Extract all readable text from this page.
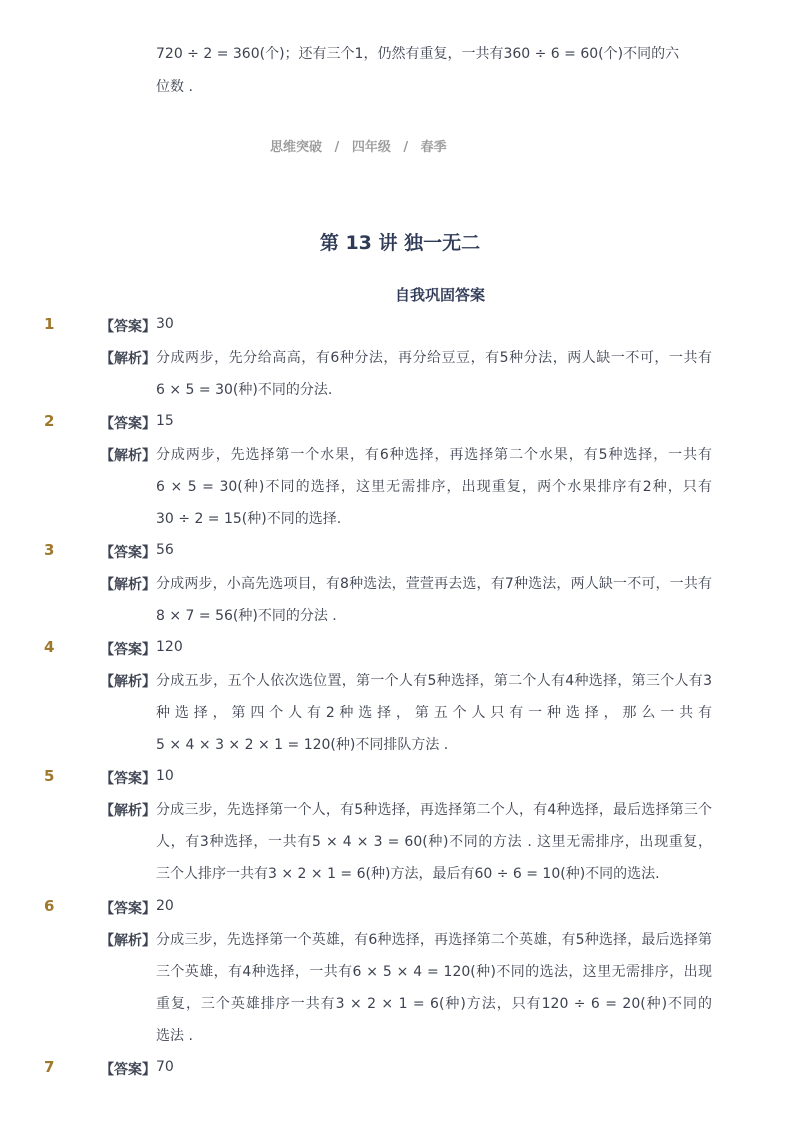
720 ÷ 2 = 360(个)；还有三个1，仍然有重复，一共有360 ÷ 6 = 60(个)不同的六
位数 .
思维突破 / 四年级 / 春季
第 13 讲 独一无二
自我巩固答案
1	【答案】 30
【解析】 分成两步，先分给高高，有6种分法，再分给豆豆，有5种分法，两人缺一不可，一共有
6 × 5 = 30(种)不同的分法.
2	【答案】 15
【解析】 分成两步，先选择第一个水果，有6种选择，再选择第二个水果，有5种选择，一共有
6 × 5 = 30(种)不同的选择，这里无需排序，出现重复，两个水果排序有2种，只有
30 ÷ 2 = 15(种)不同的选择.
3	【答案】 56
【解析】 分成两步，小高先选项目，有8种选法，萱萱再去选，有7种选法，两人缺一不可，一共有
8 × 7 = 56(种)不同的分法 .
4	【答案】 120
【解析】 分成五步，五个人依次选位置，第一个人有5种选择，第二个人有4种选择，第三个人有3
种 选 择 ， 第 四 个 人 有 2 种 选 择 ， 第 五 个 人 只 有 一 种 选 择 ， 那 么 一 共 有
5 × 4 × 3 × 2 × 1 = 120(种)不同排队方法 .
5	【答案】 10
【解析】 分成三步，先选择第一个人，有5种选择，再选择第二个人，有4种选择，最后选择第三个
人，有3种选择，一共有5 × 4 × 3 = 60(种)不同的方法 . 这里无需排序，出现重复，
三个人排序一共有3 × 2 × 1 = 6(种)方法，最后有60 ÷ 6 = 10(种)不同的选法.
6	【答案】 20
【解析】 分成三步，先选择第一个英雄，有6种选择，再选择第二个英雄，有5种选择，最后选择第
三个英雄，有4种选择，一共有6 × 5 × 4 = 120(种)不同的选法，这里无需排序，出现
重复，三个英雄排序一共有3 × 2 × 1 = 6(种)方法，只有120 ÷ 6 = 20(种)不同的
选法 .
7	【答案】 70
